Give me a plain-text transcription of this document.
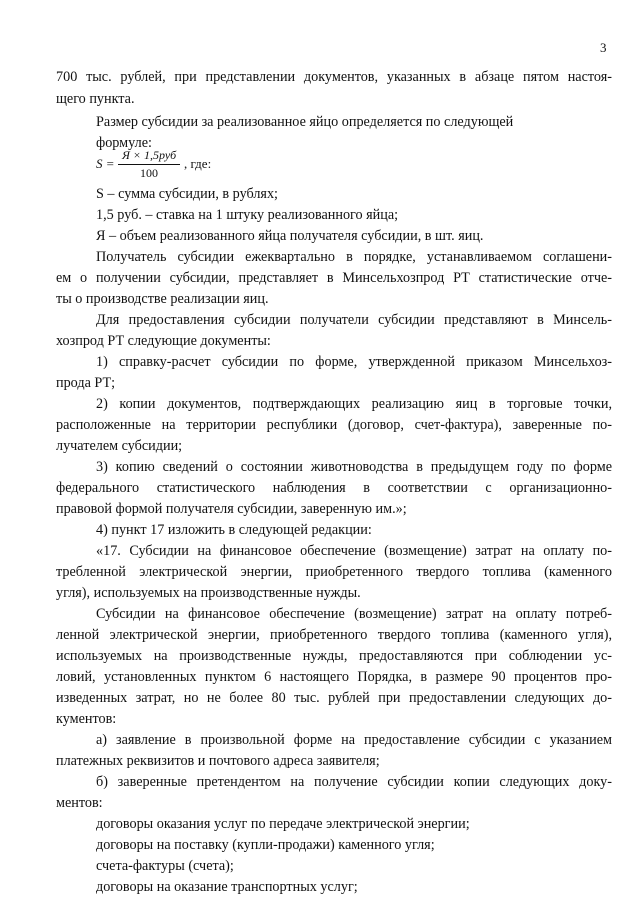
3
S =
Я × 1,5руб
100
, где:
700 тыс. рублей, при представлении документов, указанных в абзаце пятом настоя-
щего пункта.
Размер субсидии за реализованное яйцо определяется по следующей
формуле:
S – сумма субсидии, в рублях;
1,5 руб. – ставка на 1 штуку реализованного яйца;
Я – объем реализованного яйца получателя субсидии, в шт. яиц.
Получатель субсидии ежеквартально в порядке, устанавливаемом соглашени-
ем о получении субсидии, представляет в Минсельхозпрод РТ статистические отче-
ты о производстве реализации яиц.
Для предоставления субсидии получатели субсидии представляют в Минсель-
хозпрод РТ следующие документы:
1) справку-расчет субсидии по форме, утвержденной приказом Минсельхоз-
прода РТ;
2) копии документов, подтверждающих реализацию яиц в торговые точки,
расположенные на территории республики (договор, счет-фактура), заверенные по-
лучателем субсидии;
3) копию сведений о состоянии животноводства в предыдущем году по форме
федерального статистического наблюдения в соответствии с организационно-
правовой формой получателя субсидии, заверенную им.»;
4) пункт 17 изложить в следующей редакции:
«17. Субсидии на финансовое обеспечение (возмещение) затрат на оплату по-
требленной электрической энергии, приобретенного твердого топлива (каменного
угля), используемых на производственные нужды.
Субсидии на финансовое обеспечение (возмещение) затрат на оплату потреб-
ленной электрической энергии, приобретенного твердого топлива (каменного угля),
используемых на производственные нужды, предоставляются при соблюдении ус-
ловий, установленных пунктом 6 настоящего Порядка, в размере 90 процентов про-
изведенных затрат, но не более 80 тыс. рублей при предоставлении следующих до-
кументов:
а) заявление в произвольной форме на предоставление субсидии с указанием
платежных реквизитов и почтового адреса заявителя;
б) заверенные претендентом на получение субсидии копии следующих доку-
ментов:
договоры оказания услуг по передаче электрической энергии;
договоры на поставку (купли-продажи) каменного угля;
счета-фактуры (счета);
договоры на оказание транспортных услуг;
